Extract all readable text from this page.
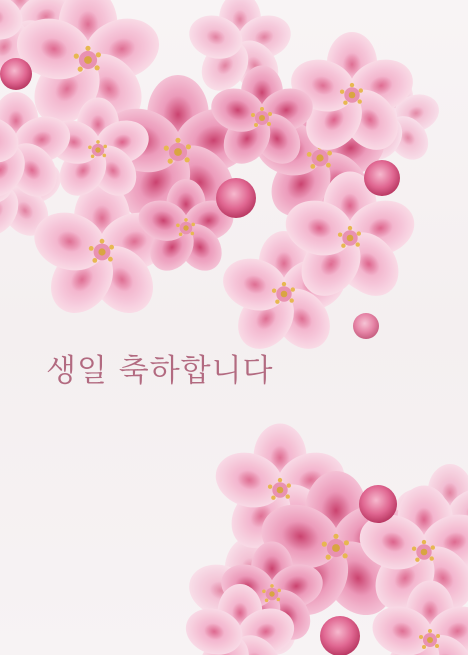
생일 축하합니다
